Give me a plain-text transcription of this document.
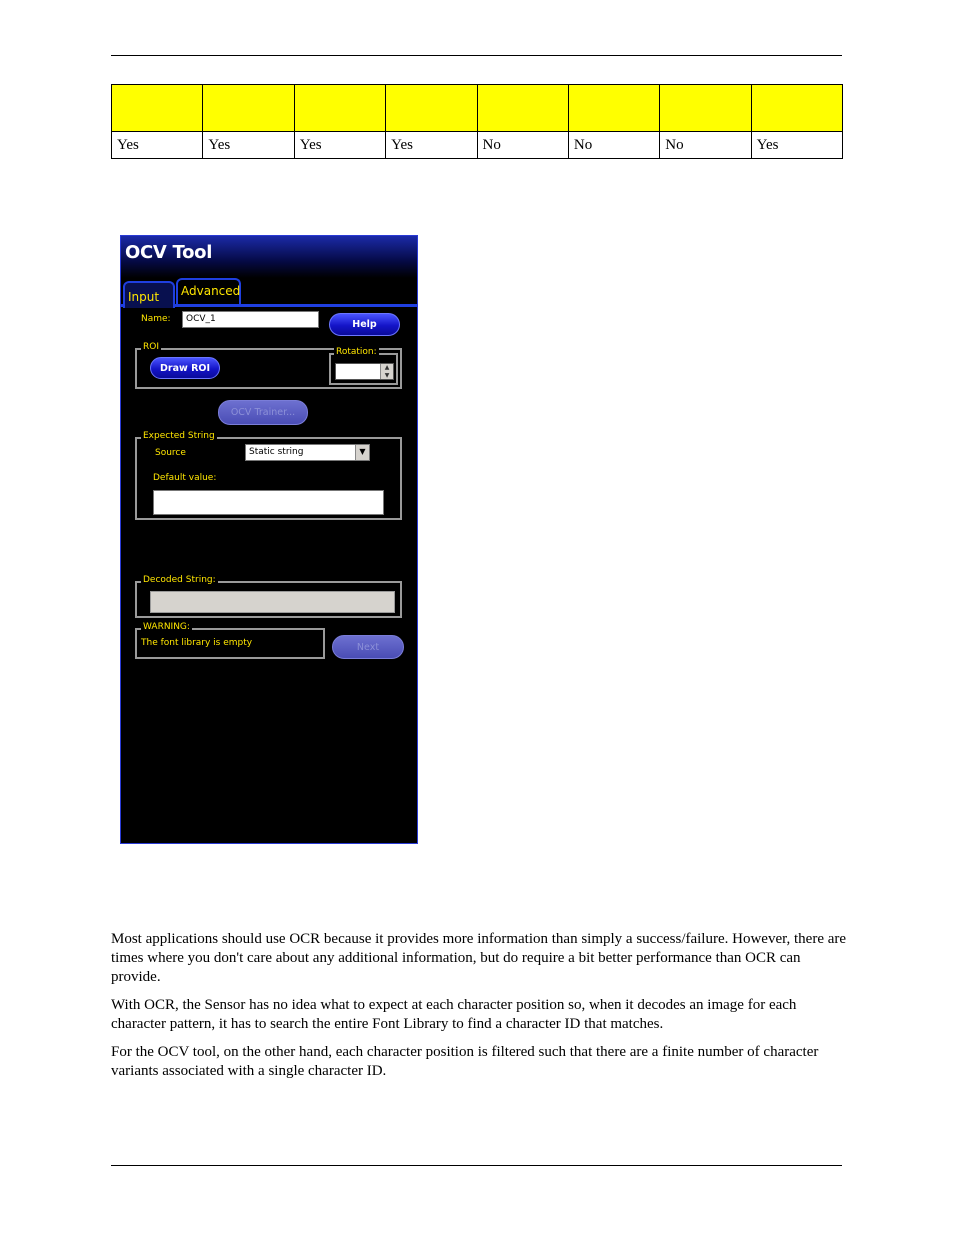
Yes	Yes	Yes	Yes	No	No	No	Yes
OCV Tool
Input	Advanced
Name:	OCV_1	Help
ROI
Draw ROI
Rotation:
▲
▼
OCV Trainer...
Expected String
Source	Static string	▼
Default value:
Decoded String:
WARNING:
The font library is empty	Next

Most applications should use OCR because it provides more information than simply a success/failure. However, there are times where you don't care about any additional information, but do require a bit better performance than OCR can provide.

With OCR, the Sensor has no idea what to expect at each character position so, when it decodes an image for each character pattern, it has to search the entire Font Library to find a character ID that matches.

For the OCV tool, on the other hand, each character position is filtered such that there are a finite number of character variants associated with a single character ID.
